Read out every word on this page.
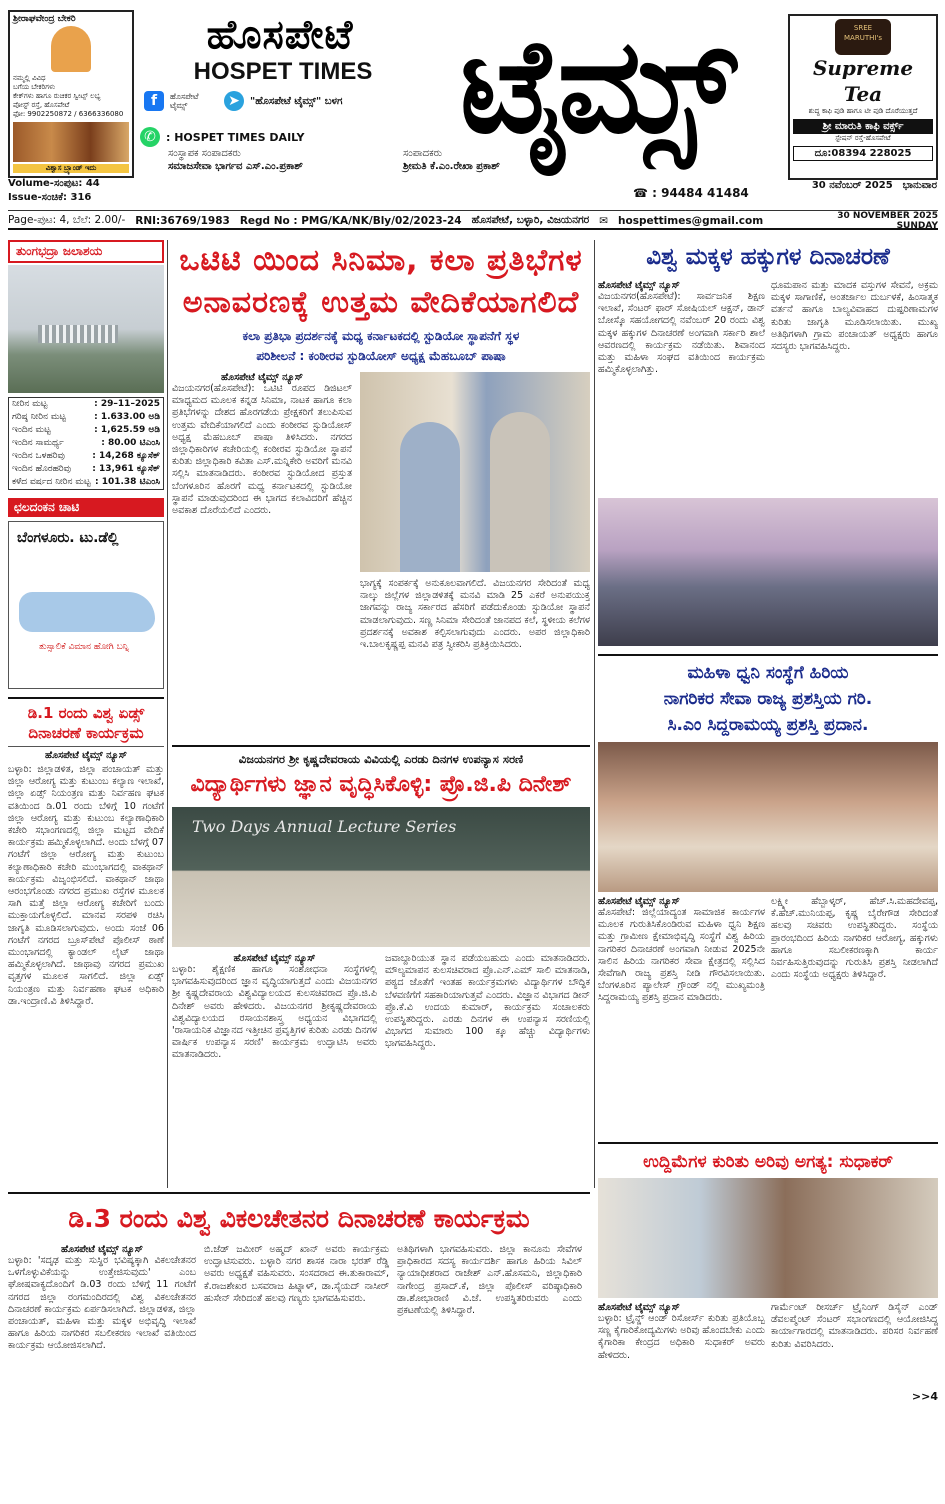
ಶ್ರೀರಾಘವೇಂದ್ರ ಬೇಕರಿ
ನಮ್ಮಲ್ಲಿ ವಿವಿಧ
ಬಗೆಯ ಬೇಕರಿಗಳು
ಕೇಕ್‌ಗಳು ಹಾಗೂ ರುಚಿಕರ ಸ್ವೀಟ್ಸ್ ಲಭ್ಯ
ಪೋಸ್ಟ್ ರಸ್ತೆ, ಹೊಸಪೇಟೆ
ಫೋ: 9902250872 / 6366336080
ವಿಶ್ವಾಸ ಬ್ರ್ಯಾಂಡ್ ಇದು
ಹೊಸಪೇಟೆ
HOSPET TIMES ಟೈಮ್ಸ್
f	ಹೊಸಪೇಟೆ ಟೈಮ್ಸ್	➤	"ಹೊಸಪೇಟೆ ಟೈಮ್ಸ್" ಬಳಗ
✆ : HOSPET TIMES DAILY
SREE MARUTHI's
Supreme Tea
ಶುದ್ಧ ಕಾಫಿ ಪುಡಿ ಹಾಗೂ ಟೀ ಪುಡಿ ದೊರೆಯುತ್ತದೆ
ಶ್ರೀ ಮಾರುತಿ ಕಾಫಿ ವರ್ಕ್ಸ್
ಸ್ಟೇಷನ್ ರಸ್ತೆ-ಹೊಸಪೇಟೆ
ದೂ:08394 228025
ಸಂಸ್ಥಾಪಕ ಸಂಪಾದಕರು
ಸಮಾಜಸೇವಾ ಭಾರ್ಗವ ಎಸ್.ಎಂ.ಪ್ರಕಾಶ್
ಸಂಪಾದಕರು
ಶ್ರೀಮತಿ ಕೆ.ಎಂ.ರೇಖಾ ಪ್ರಕಾಶ್
Volume-ಸಂಪುಟ: 44
Issue-ಸಂಚಿಕೆ: 316	☎ : 94484 41484
30 ನವೆಂಬರ್ 2025 ಭಾನುವಾರ
Page-ಪುಟ: 4, ಬೆಲೆ: 2.00/- RNI:36769/1983 Regd No : PMG/KA/NK/Bly/02/2023-24 ಹೊಸಪೇಟೆ, ಬಳ್ಳಾರಿ, ವಿಜಯನಗರ ✉ hospettimes@gmail.com	30 NOVEMBER 2025
SUNDAY
ತುಂಗಭದ್ರಾ ಜಲಾಶಯ
ನೀರಿನ ಮಟ್ಟ	: 29–11–2025
ಗರಿಷ್ಠ ನೀರಿನ ಮಟ್ಟ	: 1.633.00 ಅಡಿ
ಇಂದಿನ ಮಟ್ಟ	: 1,625.59 ಅಡಿ
ಇಂದಿನ ಸಾಮರ್ಥ್ಯ	: 80.00 ಟಿಎಂಸಿ
ಇಂದಿನ ಒಳಹರಿವು	: 14,268 ಕ್ಯೂಸೆಕ್
ಇಂದಿನ ಹೊರಹರಿವು : 13,961 ಕ್ಯೂಸೆಕ್
ಕಳೆದ ವರ್ಷದ ನೀರಿನ ಮಟ್ಟ : 101.38 ಟಿಎಂಸಿ
ಛಲದಂಕನ ಚಾಟಿ
ಬೆಂಗಳೂರು. ಟು.ಡೆಲ್ಲಿ
ತುಸ್ಸಾಲಿಕೆ ವಿಮಾನ ಹೋಗಿ ಬನ್ನಿ
ಡಿ.1 ರಂದು ವಿಶ್ವ ಏಡ್ಸ್
ದಿನಾಚರಣೆ ಕಾರ್ಯಕ್ರಮ
ಹೊಸಪೇಟೆ ಟೈಮ್ಸ್ ನ್ಯೂಸ್
ಬಳ್ಳಾರಿ: ಜಿಲ್ಲಾಡಳಿತ, ಜಿಲ್ಲಾ ಪಂಚಾಯತ್ ಮತ್ತು ಜಿಲ್ಲಾ ಆರೋಗ್ಯ ಮತ್ತು ಕುಟುಂಬ ಕಲ್ಯಾಣ ಇಲಾಖೆ, ಜಿಲ್ಲಾ ಏಡ್ಸ್ ನಿಯಂತ್ರಣ ಮತ್ತು ನಿರ್ವಹಣ ಘಟಕ ವತಿಯಿಂದ ಡಿ.01 ರಂದು ಬೆಳಿಗ್ಗೆ 10 ಗಂಟೆಗೆ ಜಿಲ್ಲಾ ಆರೋಗ್ಯ ಮತ್ತು ಕುಟುಂಬ ಕಲ್ಯಾಣಾಧಿಕಾರಿ ಕಚೇರಿ ಸಭಾಂಗಣದಲ್ಲಿ ಜಿಲ್ಲಾ ಮಟ್ಟದ ವೇದಿಕೆ ಕಾರ್ಯಕ್ರಮ ಹಮ್ಮಿಕೊಳ್ಳಲಾಗಿದೆ. ಅಂದು ಬೆಳಗ್ಗೆ 07 ಗಂಟೆಗೆ ಜಿಲ್ಲಾ ಆರೋಗ್ಯ ಮತ್ತು ಕುಟುಂಬ ಕಲ್ಯಾಣಾಧಿಕಾರಿ ಕಚೇರಿ ಮುಂಭಾಗದಲ್ಲಿ ವಾಕಥಾನ್ ಕಾರ್ಯಕ್ರಮ ವಿಜೃಂಭಿಸಲಿದೆ. ವಾಕಥಾನ್ ಜಾಥಾ ಆರಂಭಗೊಂಡು ನಗರದ ಪ್ರಮುಖ ರಸ್ತೆಗಳ ಮೂಲಕ ಸಾಗಿ ಮತ್ತೆ ಜಿಲ್ಲಾ ಆರೋಗ್ಯ ಕಚೇರಿಗೆ ಬಂದು ಮುಕ್ತಾಯಗೊಳ್ಳಲಿದೆ. ಮಾನವ ಸರಪಳಿ ರಚಿಸಿ ಜಾಗೃತಿ ಮೂಡಿಸಲಾಗುವುದು. ಅಂದು ಸಂಜೆ 06 ಗಂಟೆಗೆ ನಗರದ ಬ್ರೂಸ್‌ಪೇಟೆ ಪೊಲೀಸ್ ಠಾಣೆ ಮುಂಭಾಗದಲ್ಲಿ ಕ್ಯಾಂಡಲ್ ಲೈಟ್ ಜಾಥಾ ಹಮ್ಮಿಕೊಳ್ಳಲಾಗಿದೆ. ಜಾಥಾವು ನಗರದ ಪ್ರಮುಖ ವೃತ್ತಗಳ ಮೂಲಕ ಸಾಗಲಿದೆ. ಜಿಲ್ಲಾ ಏಡ್ಸ್ ನಿಯಂತ್ರಣ ಮತ್ತು ನಿರ್ವಹಣಾ ಘಟಕ ಅಧಿಕಾರಿ ಡಾ.ಇಂದ್ರಾಣಿ.ವಿ ತಿಳಿಸಿದ್ದಾರೆ.
ಒಟಿಟಿ ಯಿಂದ ಸಿನಿಮಾ, ಕಲಾ ಪ್ರತಿಭೆಗಳ
ಅನಾವರಣಕ್ಕೆ ಉತ್ತಮ ವೇದಿಕೆಯಾಗಲಿದೆ
ಕಲಾ ಪ್ರತಿಭಾ ಪ್ರದರ್ಶನಕ್ಕೆ ಮಧ್ಯ ಕರ್ನಾಟಕದಲ್ಲಿ ಸ್ಟುಡಿಯೋ ಸ್ಥಾಪನೆಗೆ ಸ್ಥಳ
ಪರಿಶೀಲನೆ : ಕಂಠೀರವ ಸ್ಟುಡಿಯೋಸ್ ಅಧ್ಯಕ್ಷ ಮೆಹಬೂಬ್ ಪಾಷಾ
ಹೊಸಪೇಟೆ ಟೈಮ್ಸ್ ನ್ಯೂಸ್
ವಿಜಯನಗರ(ಹೊಸಪೇಟೆ): ಒಟಿಟಿ ರೂಪದ ಡಿಜಿಟಲ್ ಮಾಧ್ಯಮದ ಮೂಲಕ ಕನ್ನಡ ಸಿನಿಮಾ, ನಾಟಕ ಹಾಗೂ ಕಲಾ ಪ್ರತಿಭೆಗಳನ್ನು ದೇಶದ ಹೊರಗಡೆಯ ಪ್ರೇಕ್ಷಕರಿಗೆ ತಲುಪಿಸುವ ಉತ್ತಮ ವೇದಿಕೆಯಾಗಲಿದೆ ಎಂದು ಕಂಠೀರವ ಸ್ಟುಡಿಯೋಸ್ ಅಧ್ಯಕ್ಷ ಮೆಹಬೂಬ್ ಪಾಷಾ ತಿಳಿಸಿದರು. ನಗರದ ಜಿಲ್ಲಾಧಿಕಾರಿಗಳ ಕಚೇರಿಯಲ್ಲಿ ಕಂಠೀರವ ಸ್ಟುಡಿಯೋ ಸ್ಥಾಪನೆ ಕುರಿತು ಜಿಲ್ಲಾಧಿಕಾರಿ ಕವಿತಾ ಎಸ್.ಮನ್ನಿಕೇರಿ ಅವರಿಗೆ ಮನವಿ ಸಲ್ಲಿಸಿ ಮಾತನಾಡಿದರು. ಕಂಠೀರವ ಸ್ಟುಡಿಯೋದ ಪ್ರಸ್ತುತ ಬೆಂಗಳೂರಿನ ಹೊರಗೆ ಮಧ್ಯ ಕರ್ನಾಟಕದಲ್ಲಿ ಸ್ಟುಡಿಯೋ ಸ್ಥಾಪನೆ ಮಾಡುವುದರಿಂದ ಈ ಭಾಗದ ಕಲಾವಿದರಿಗೆ ಹೆಚ್ಚಿನ ಅವಕಾಶ ದೊರೆಯಲಿದೆ ಎಂದರು.
ಭಾಗ್ಯಕ್ಕೆ ಸಂಪರ್ಕಕ್ಕೆ ಅನುಕೂಲವಾಗಲಿದೆ. ವಿಜಯನಗರ ಸೇರಿದಂತೆ ಮಧ್ಯ ನಾಲ್ಕು ಜಿಲ್ಲೆಗಳ ಜಿಲ್ಲಾಡಳಿತಕ್ಕೆ ಮನವಿ ಮಾಡಿ 25 ಎಕರೆ ಅನುಪಯುಕ್ತ ಜಾಗವನ್ನು ರಾಜ್ಯ ಸರ್ಕಾರದ ಹೆಸರಿಗೆ ಪಡೆದುಕೊಂಡು ಸ್ಟುಡಿಯೋ ಸ್ಥಾಪನೆ ಮಾಡಲಾಗುವುದು. ಸಣ್ಣ ಸಿನಿಮಾ ಸೇರಿದಂತೆ ಜಾನಪದ ಕಲೆ, ಸ್ಥಳೀಯ ಕಲೆಗಳ ಪ್ರದರ್ಶನಕ್ಕೆ ಅವಕಾಶ ಕಲ್ಪಿಸಲಾಗುವುದು ಎಂದರು. ಅಪರ ಜಿಲ್ಲಾಧಿಕಾರಿ ಇ.ಬಾಲಕೃಷ್ಣಪ್ಪ ಮನವಿ ಪತ್ರ ಸ್ವೀಕರಿಸಿ ಪ್ರತಿಕ್ರಿಯಿಸಿದರು.
ವಿಜಯನಗರ ಶ್ರೀ ಕೃಷ್ಣದೇವರಾಯ ವಿವಿಯಲ್ಲಿ ಎರಡು ದಿನಗಳ ಉಪನ್ಯಾಸ ಸರಣಿ
ವಿದ್ಯಾರ್ಥಿಗಳು ಜ್ಞಾನ ವೃದ್ಧಿಸಿಕೊಳ್ಳಿ: ಪ್ರೊ.ಜಿ.ಪಿ ದಿನೇಶ್
Two Days Annual Lecture Series
ಹೊಸಪೇಟೆ ಟೈಮ್ಸ್ ನ್ಯೂಸ್
ಬಳ್ಳಾರಿ: ಶೈಕ್ಷಣಿಕ ಹಾಗೂ ಸಂಶೋಧನಾ ಸಂಸ್ಥೆಗಳಲ್ಲಿ ಭಾಗವಹಿಸುವುದರಿಂದ ಜ್ಞಾನ ವೃದ್ಧಿಯಾಗುತ್ತದೆ ಎಂದು ವಿಜಯನಗರ ಶ್ರೀ ಕೃಷ್ಣದೇವರಾಯ ವಿಶ್ವವಿದ್ಯಾಲಯದ ಕುಲಸಚಿವರಾದ ಪ್ರೊ.ಜಿ.ಪಿ ದಿನೇಶ್ ಅವರು ಹೇಳಿದರು. ವಿಜಯನಗರ ಶ್ರೀಕೃಷ್ಣದೇವರಾಯ ವಿಶ್ವವಿದ್ಯಾಲಯದ ರಸಾಯನಶಾಸ್ತ್ರ ಅಧ್ಯಯನ ವಿಭಾಗದಲ್ಲಿ 'ರಾಸಾಯನಿಕ ವಿಜ್ಞಾನದ ಇತ್ತೀಚಿನ ಪ್ರವೃತ್ತಿಗಳ ಕುರಿತು ಎರಡು ದಿನಗಳ ವಾರ್ಷಿಕ ಉಪನ್ಯಾಸ ಸರಣಿ' ಕಾರ್ಯಕ್ರಮ ಉದ್ಘಾಟಿಸಿ ಅವರು ಮಾತನಾಡಿದರು.
ಜವಾಬ್ದಾರಿಯುತ ಸ್ಥಾನ ಪಡೆಯಬಹುದು ಎಂದು ಮಾತನಾಡಿದರು. ಮೌಲ್ಯಮಾಪನ ಕುಲಸಚಿವರಾದ ಪ್ರೊ.ಎನ್.ಎಮ್ ಸಾಲಿ ಮಾತನಾಡಿ, ಪಠ್ಯದ ಜೊತೆಗೆ ಇಂತಹ ಕಾರ್ಯಕ್ರಮಗಳು ವಿದ್ಯಾರ್ಥಿಗಳ ಬೌದ್ಧಿಕ ಬೆಳವಣಿಗೆಗೆ ಸಹಕಾರಿಯಾಗುತ್ತವೆ ಎಂದರು. ವಿಜ್ಞಾನ ವಿಭಾಗದ ಡೀನ್ ಪ್ರೊ.ಕೆ.ವಿ ಉದಯ ಕುಮಾರ್, ಕಾರ್ಯಕ್ರಮ ಸಂಚಾಲಕರು ಉಪಸ್ಥಿತರಿದ್ದರು. ಎರಡು ದಿನಗಳ ಈ ಉಪನ್ಯಾಸ ಸರಣಿಯಲ್ಲಿ ವಿಭಾಗದ ಸುಮಾರು 100 ಕ್ಕೂ ಹೆಚ್ಚು ವಿದ್ಯಾರ್ಥಿಗಳು ಭಾಗವಹಿಸಿದ್ದರು.
ಡಿ.3 ರಂದು ವಿಶ್ವ ವಿಕಲಚೇತನರ ದಿನಾಚರಣೆ ಕಾರ್ಯಕ್ರಮ
ಹೊಸಪೇಟೆ ಟೈಮ್ಸ್ ನ್ಯೂಸ್
ಬಳ್ಳಾರಿ: 'ಸದೃಢ ಮತ್ತು ಸುಸ್ಥಿರ ಭವಿಷ್ಯಕ್ಕಾಗಿ ವಿಕಲಚೇತನರ ಒಳಗೊಳ್ಳುವಿಕೆಯನ್ನು ಉತ್ತೇಜಿಸುವುದು' ಎಂಬ ಘೋಷವಾಕ್ಯದೊಂದಿಗೆ ಡಿ.03 ರಂದು ಬೆಳಿಗ್ಗೆ 11 ಗಂಟೆಗೆ ನಗರದ ಜಿಲ್ಲಾ ರಂಗಮಂದಿರದಲ್ಲಿ ವಿಶ್ವ ವಿಕಲಚೇತನರ ದಿನಾಚರಣೆ ಕಾರ್ಯಕ್ರಮ ಏರ್ಪಡಿಸಲಾಗಿದೆ. ಜಿಲ್ಲಾಡಳಿತ, ಜಿಲ್ಲಾ ಪಂಚಾಯತ್, ಮಹಿಳಾ ಮತ್ತು ಮಕ್ಕಳ ಅಭಿವೃದ್ಧಿ ಇಲಾಖೆ ಹಾಗೂ ಹಿರಿಯ ನಾಗರಿಕರ ಸಬಲೀಕರಣ ಇಲಾಖೆ ವತಿಯಿಂದ ಕಾರ್ಯಕ್ರಮ ಆಯೋಜಿಸಲಾಗಿದೆ.
ಬಿ.ಜೆಡ್ ಜಮೀರ್ ಅಹ್ಮದ್ ಖಾನ್ ಅವರು ಕಾರ್ಯಕ್ರಮ ಉದ್ಘಾಟಿಸುವರು. ಬಳ್ಳಾರಿ ನಗರ ಶಾಸಕ ನಾರಾ ಭರತ್ ರೆಡ್ಡಿ ಅವರು ಅಧ್ಯಕ್ಷತೆ ವಹಿಸುವರು. ಸಂಸದರಾದ ಈ.ತುಕಾರಾಮ್, ಕೆ.ರಾಜಶೇಖರ ಬಸವರಾಜ ಹಿಟ್ನಾಳ್, ಡಾ.ಸೈಯದ್ ನಾಸೀರ್ ಹುಸೇನ್ ಸೇರಿದಂತೆ ಹಲವು ಗಣ್ಯರು ಭಾಗವಹಿಸುವರು.
ಅತಿಥಿಗಳಾಗಿ ಭಾಗವಹಿಸುವರು. ಜಿಲ್ಲಾ ಕಾನೂನು ಸೇವೆಗಳ ಪ್ರಾಧಿಕಾರದ ಸದಸ್ಯ ಕಾರ್ಯದರ್ಶಿ ಹಾಗೂ ಹಿರಿಯ ಸಿವಿಲ್ ನ್ಯಾಯಾಧೀಶರಾದ ರಾಜೇಶ್ ಎನ್.ಹೊಸಮನಿ, ಜಿಲ್ಲಾಧಿಕಾರಿ ನಾಗೇಂದ್ರ ಪ್ರಸಾದ್.ಕೆ, ಜಿಲ್ಲಾ ಪೊಲೀಸ್ ವರಿಷ್ಠಾಧಿಕಾರಿ ಡಾ.ಶೋಭಾರಾಣಿ ವಿ.ಜೆ. ಉಪಸ್ಥಿತರಿರುವರು ಎಂದು ಪ್ರಕಟಣೆಯಲ್ಲಿ ತಿಳಿಸಿದ್ದಾರೆ.
ವಿಶ್ವ ಮಕ್ಕಳ ಹಕ್ಕುಗಳ ದಿನಾಚರಣೆ
ಹೊಸಪೇಟೆ ಟೈಮ್ಸ್ ನ್ಯೂಸ್
ವಿಜಯನಗರ(ಹೊಸಪೇಟೆ): ಸಾರ್ವಜನಿಕ ಶಿಕ್ಷಣ ಇಲಾಖೆ, ಸೆಂಟರ್ ಫಾರ್ ಸೋಷಿಯಲ್ ಆಕ್ಷನ್, ಡಾನ್ ಬೋಸ್ಕೊ ಸಹಯೋಗದಲ್ಲಿ ನವೆಂಬರ್ 20 ರಂದು ವಿಶ್ವ ಮಕ್ಕಳ ಹಕ್ಕುಗಳ ದಿನಾಚರಣೆ ಅಂಗವಾಗಿ ಸರ್ಕಾರಿ ಶಾಲೆ ಆವರಣದಲ್ಲಿ ಕಾರ್ಯಕ್ರಮ ನಡೆಯಿತು. ಶಿವಾನಂದ ಮತ್ತು ಮಹಿಳಾ ಸಂಘದ ವತಿಯಿಂದ ಕಾರ್ಯಕ್ರಮ ಹಮ್ಮಿಕೊಳ್ಳಲಾಗಿತ್ತು.
ಧೂಮಪಾನ ಮತ್ತು ಮಾದಕ ವಸ್ತುಗಳ ಸೇವನೆ, ಅಕ್ರಮ ಮಕ್ಕಳ ಸಾಗಾಣಿಕೆ, ಅಂತರ್ಜಾಲ ದುರ್ಬಳಕೆ, ಹಿಂಸಾತ್ಮಕ ವರ್ತನೆ ಹಾಗೂ ಬಾಲ್ಯವಿವಾಹದ ದುಷ್ಪರಿಣಾಮಗಳ ಕುರಿತು ಜಾಗೃತಿ ಮೂಡಿಸಲಾಯಿತು. ಮುಖ್ಯ ಅತಿಥಿಗಳಾಗಿ ಗ್ರಾಮ ಪಂಚಾಯತ್ ಅಧ್ಯಕ್ಷರು ಹಾಗೂ ಸದಸ್ಯರು ಭಾಗವಹಿಸಿದ್ದರು.
ಮಹಿಳಾ ಧ್ವನಿ ಸಂಸ್ಥೆಗೆ ಹಿರಿಯ
ನಾಗರಿಕರ ಸೇವಾ ರಾಜ್ಯ ಪ್ರಶಸ್ತಿಯ ಗರಿ.
ಸಿ.ಎಂ ಸಿದ್ದರಾಮಯ್ಯ ಪ್ರಶಸ್ತಿ ಪ್ರದಾನ.
ಹೊಸಪೇಟೆ ಟೈಮ್ಸ್ ನ್ಯೂಸ್
ಹೊಸಪೇಟೆ: ಜಿಲ್ಲೆಯಾದ್ಯಂತ ಸಾಮಾಜಿಕ ಕಾರ್ಯಗಳ ಮೂಲಕ ಗುರುತಿಸಿಕೊಂಡಿರುವ ಮಹಿಳಾ ಧ್ವನಿ ಶಿಕ್ಷಣ ಮತ್ತು ಗ್ರಾಮೀಣ ಕ್ಷೇಮಾಭಿವೃದ್ಧಿ ಸಂಸ್ಥೆಗೆ ವಿಶ್ವ ಹಿರಿಯ ನಾಗರಿಕರ ದಿನಾಚರಣೆ ಅಂಗವಾಗಿ ನೀಡುವ 2025ನೇ ಸಾಲಿನ ಹಿರಿಯ ನಾಗರಿಕರ ಸೇವಾ ಕ್ಷೇತ್ರದಲ್ಲಿ ಸಲ್ಲಿಸಿದ ಸೇವೆಗಾಗಿ ರಾಜ್ಯ ಪ್ರಶಸ್ತಿ ನೀಡಿ ಗೌರವಿಸಲಾಯಿತು. ಬೆಂಗಳೂರಿನ ಪ್ಯಾಲೇಸ್ ಗ್ರೌಂಡ್ ನಲ್ಲಿ ಮುಖ್ಯಮಂತ್ರಿ ಸಿದ್ದರಾಮಯ್ಯ ಪ್ರಶಸ್ತಿ ಪ್ರದಾನ ಮಾಡಿದರು.
ಲಕ್ಷ್ಮೀ ಹೆಬ್ಬಾಳ್ಕರ್, ಹೆಚ್.ಸಿ.ಮಹದೇವಪ್ಪ, ಕೆ.ಹೆಚ್.ಮುನಿಯಪ್ಪ, ಕೃಷ್ಣ ಬೈರೇಗೌಡ ಸೇರಿದಂತೆ ಹಲವು ಸಚಿವರು ಉಪಸ್ಥಿತರಿದ್ದರು. ಸಂಸ್ಥೆಯ ಪ್ರಾರಂಭದಿಂದ ಹಿರಿಯ ನಾಗರಿಕರ ಆರೋಗ್ಯ, ಹಕ್ಕುಗಳು ಹಾಗೂ ಸಬಲೀಕರಣಕ್ಕಾಗಿ ಕಾರ್ಯ ನಿರ್ವಹಿಸುತ್ತಿರುವುದನ್ನು ಗುರುತಿಸಿ ಪ್ರಶಸ್ತಿ ನೀಡಲಾಗಿದೆ ಎಂದು ಸಂಸ್ಥೆಯ ಅಧ್ಯಕ್ಷರು ತಿಳಿಸಿದ್ದಾರೆ.
ಉದ್ದಿಮೆಗಳ ಕುರಿತು ಅರಿವು ಅಗತ್ಯ: ಸುಧಾಕರ್
ಹೊಸಪೇಟೆ ಟೈಮ್ಸ್ ನ್ಯೂಸ್
ಬಳ್ಳಾರಿ: ಟ್ರೈನ್ಡ್ ಆಂಡ್ ರಿಸೋರ್ಸ್ ಕುರಿತು ಪ್ರತಿಯೊಬ್ಬ ಸಣ್ಣ ಕೈಗಾರಿಕೋದ್ಯಮಿಗಳು ಅರಿವು ಹೊಂದಬೇಕು ಎಂದು ಕೈಗಾರಿಕಾ ಕೇಂದ್ರದ ಅಧಿಕಾರಿ ಸುಧಾಕರ್ ಅವರು ಹೇಳಿದರು.
ಗಾರ್ಮೆಂಟ್ ರೀಸರ್ಚ್ ಟ್ರೈನಿಂಗ್ ಡಿಸೈನ್ ಎಂಡ್ ಡೆವಲಪ್ಮೆಂಟ್ ಸೆಂಟರ್ ಸಭಾಂಗಣದಲ್ಲಿ ಆಯೋಜಿಸಿದ್ದ ಕಾರ್ಯಾಗಾರದಲ್ಲಿ ಮಾತನಾಡಿದರು. ಪರಿಸರ ನಿರ್ವಹಣೆ ಕುರಿತು ವಿವರಿಸಿದರು.
>>4
